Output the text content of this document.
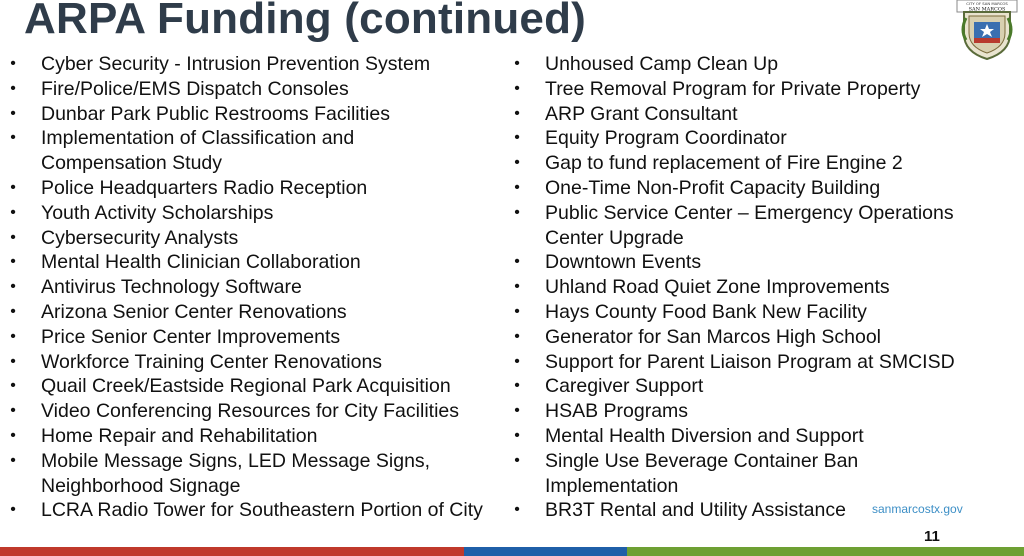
ARPA Funding (continued)	CITY OF SAN MARCOS
SAN MARCOS
• Cyber Security - Intrusion Prevention System
• Fire/Police/EMS Dispatch Consoles
• Dunbar Park Public Restrooms Facilities
• Implementation of Classification and
Compensation Study
• Police Headquarters Radio Reception
• Youth Activity Scholarships
• Cybersecurity Analysts
• Mental Health Clinician Collaboration
• Antivirus Technology Software
• Arizona Senior Center Renovations
• Price Senior Center Improvements
• Workforce Training Center Renovations
• Quail Creek/Eastside Regional Park Acquisition
• Video Conferencing Resources for City Facilities
• Home Repair and Rehabilitation
• Mobile Message Signs, LED Message Signs,
Neighborhood Signage
• LCRA Radio Tower for Southeastern Portion of City
• Unhoused Camp Clean Up
• Tree Removal Program for Private Property
• ARP Grant Consultant
• Equity Program Coordinator
• Gap to fund replacement of Fire Engine 2
• One-Time Non-Profit Capacity Building
• Public Service Center – Emergency Operations
Center Upgrade
• Downtown Events
• Uhland Road Quiet Zone Improvements
• Hays County Food Bank New Facility
• Generator for San Marcos High School
• Support for Parent Liaison Program at SMCISD
• Caregiver Support
• HSAB Programs
• Mental Health Diversion and Support
• Single Use Beverage Container Ban
Implementation
• BR3T Rental and Utility Assistance	sanmarcostx.gov
11
